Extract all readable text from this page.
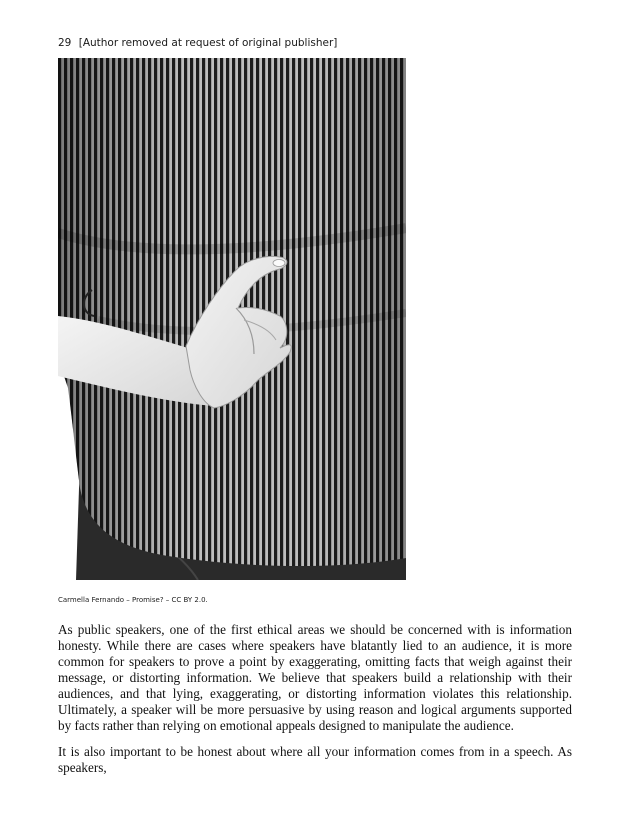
29 [Author removed at request of original publisher]
Carmella Fernando – Promise? – CC BY 2.0.

As public speakers, one of the first ethical areas we should be concerned with is information honesty. While there are cases where speakers have blatantly lied to an audience, it is more common for speakers to prove a point by exaggerating, omitting facts that weigh against their message, or distorting information. We believe that speakers build a relationship with their audiences, and that lying, exaggerating, or distorting information violates this relationship. Ultimately, a speaker will be more persuasive by using reason and logical arguments supported by facts rather than relying on emotional appeals designed to manipulate the audience.

It is also important to be honest about where all your information comes from in a speech. As speakers,
